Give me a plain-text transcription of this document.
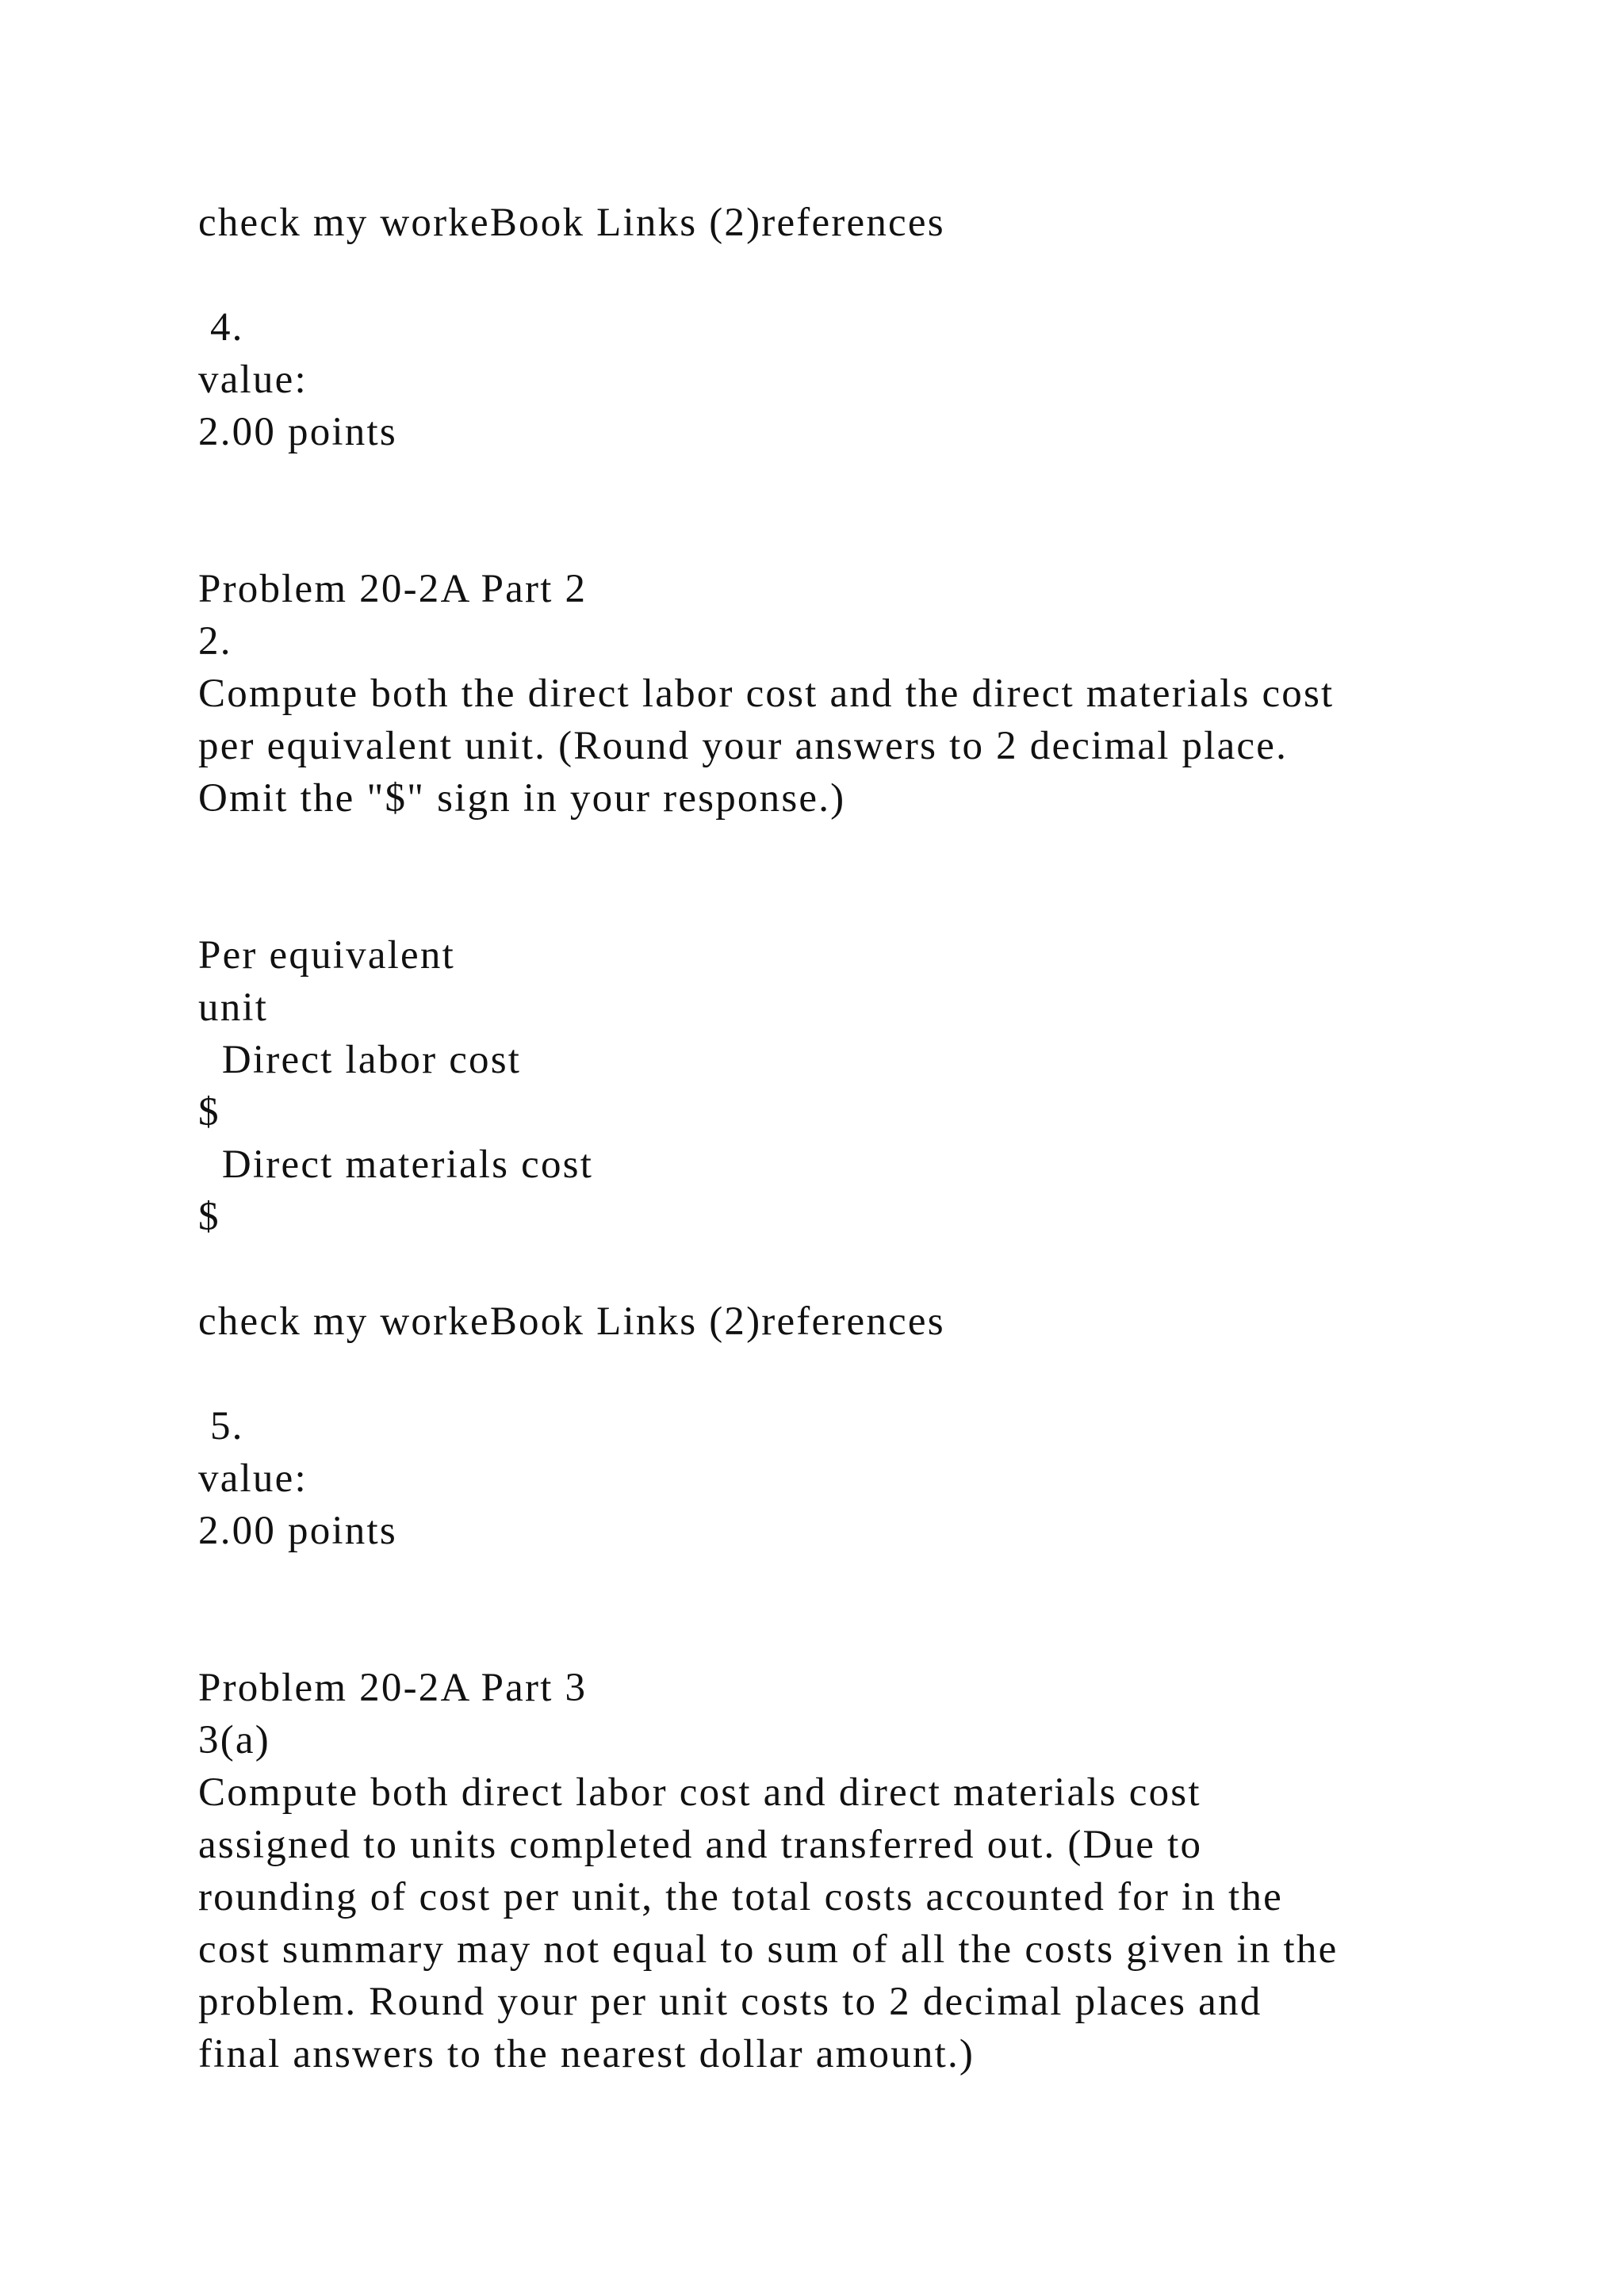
check my workeBook Links (2)references

4.

value:

2.00 points

Problem 20-2A Part 2

2.

Compute both the direct labor cost and the direct materials cost

per equivalent unit. (Round your answers to 2 decimal place.

Omit the "$" sign in your response.)

Per equivalent

unit

Direct labor cost

$

Direct materials cost

$

check my workeBook Links (2)references

5.

value:

2.00 points

Problem 20-2A Part 3

3(a)

Compute both direct labor cost and direct materials cost

assigned to units completed and transferred out. (Due to

rounding of cost per unit, the total costs accounted for in the

cost summary may not equal to sum of all the costs given in the

problem. Round your per unit costs to 2 decimal places and

final answers to the nearest dollar amount.)
